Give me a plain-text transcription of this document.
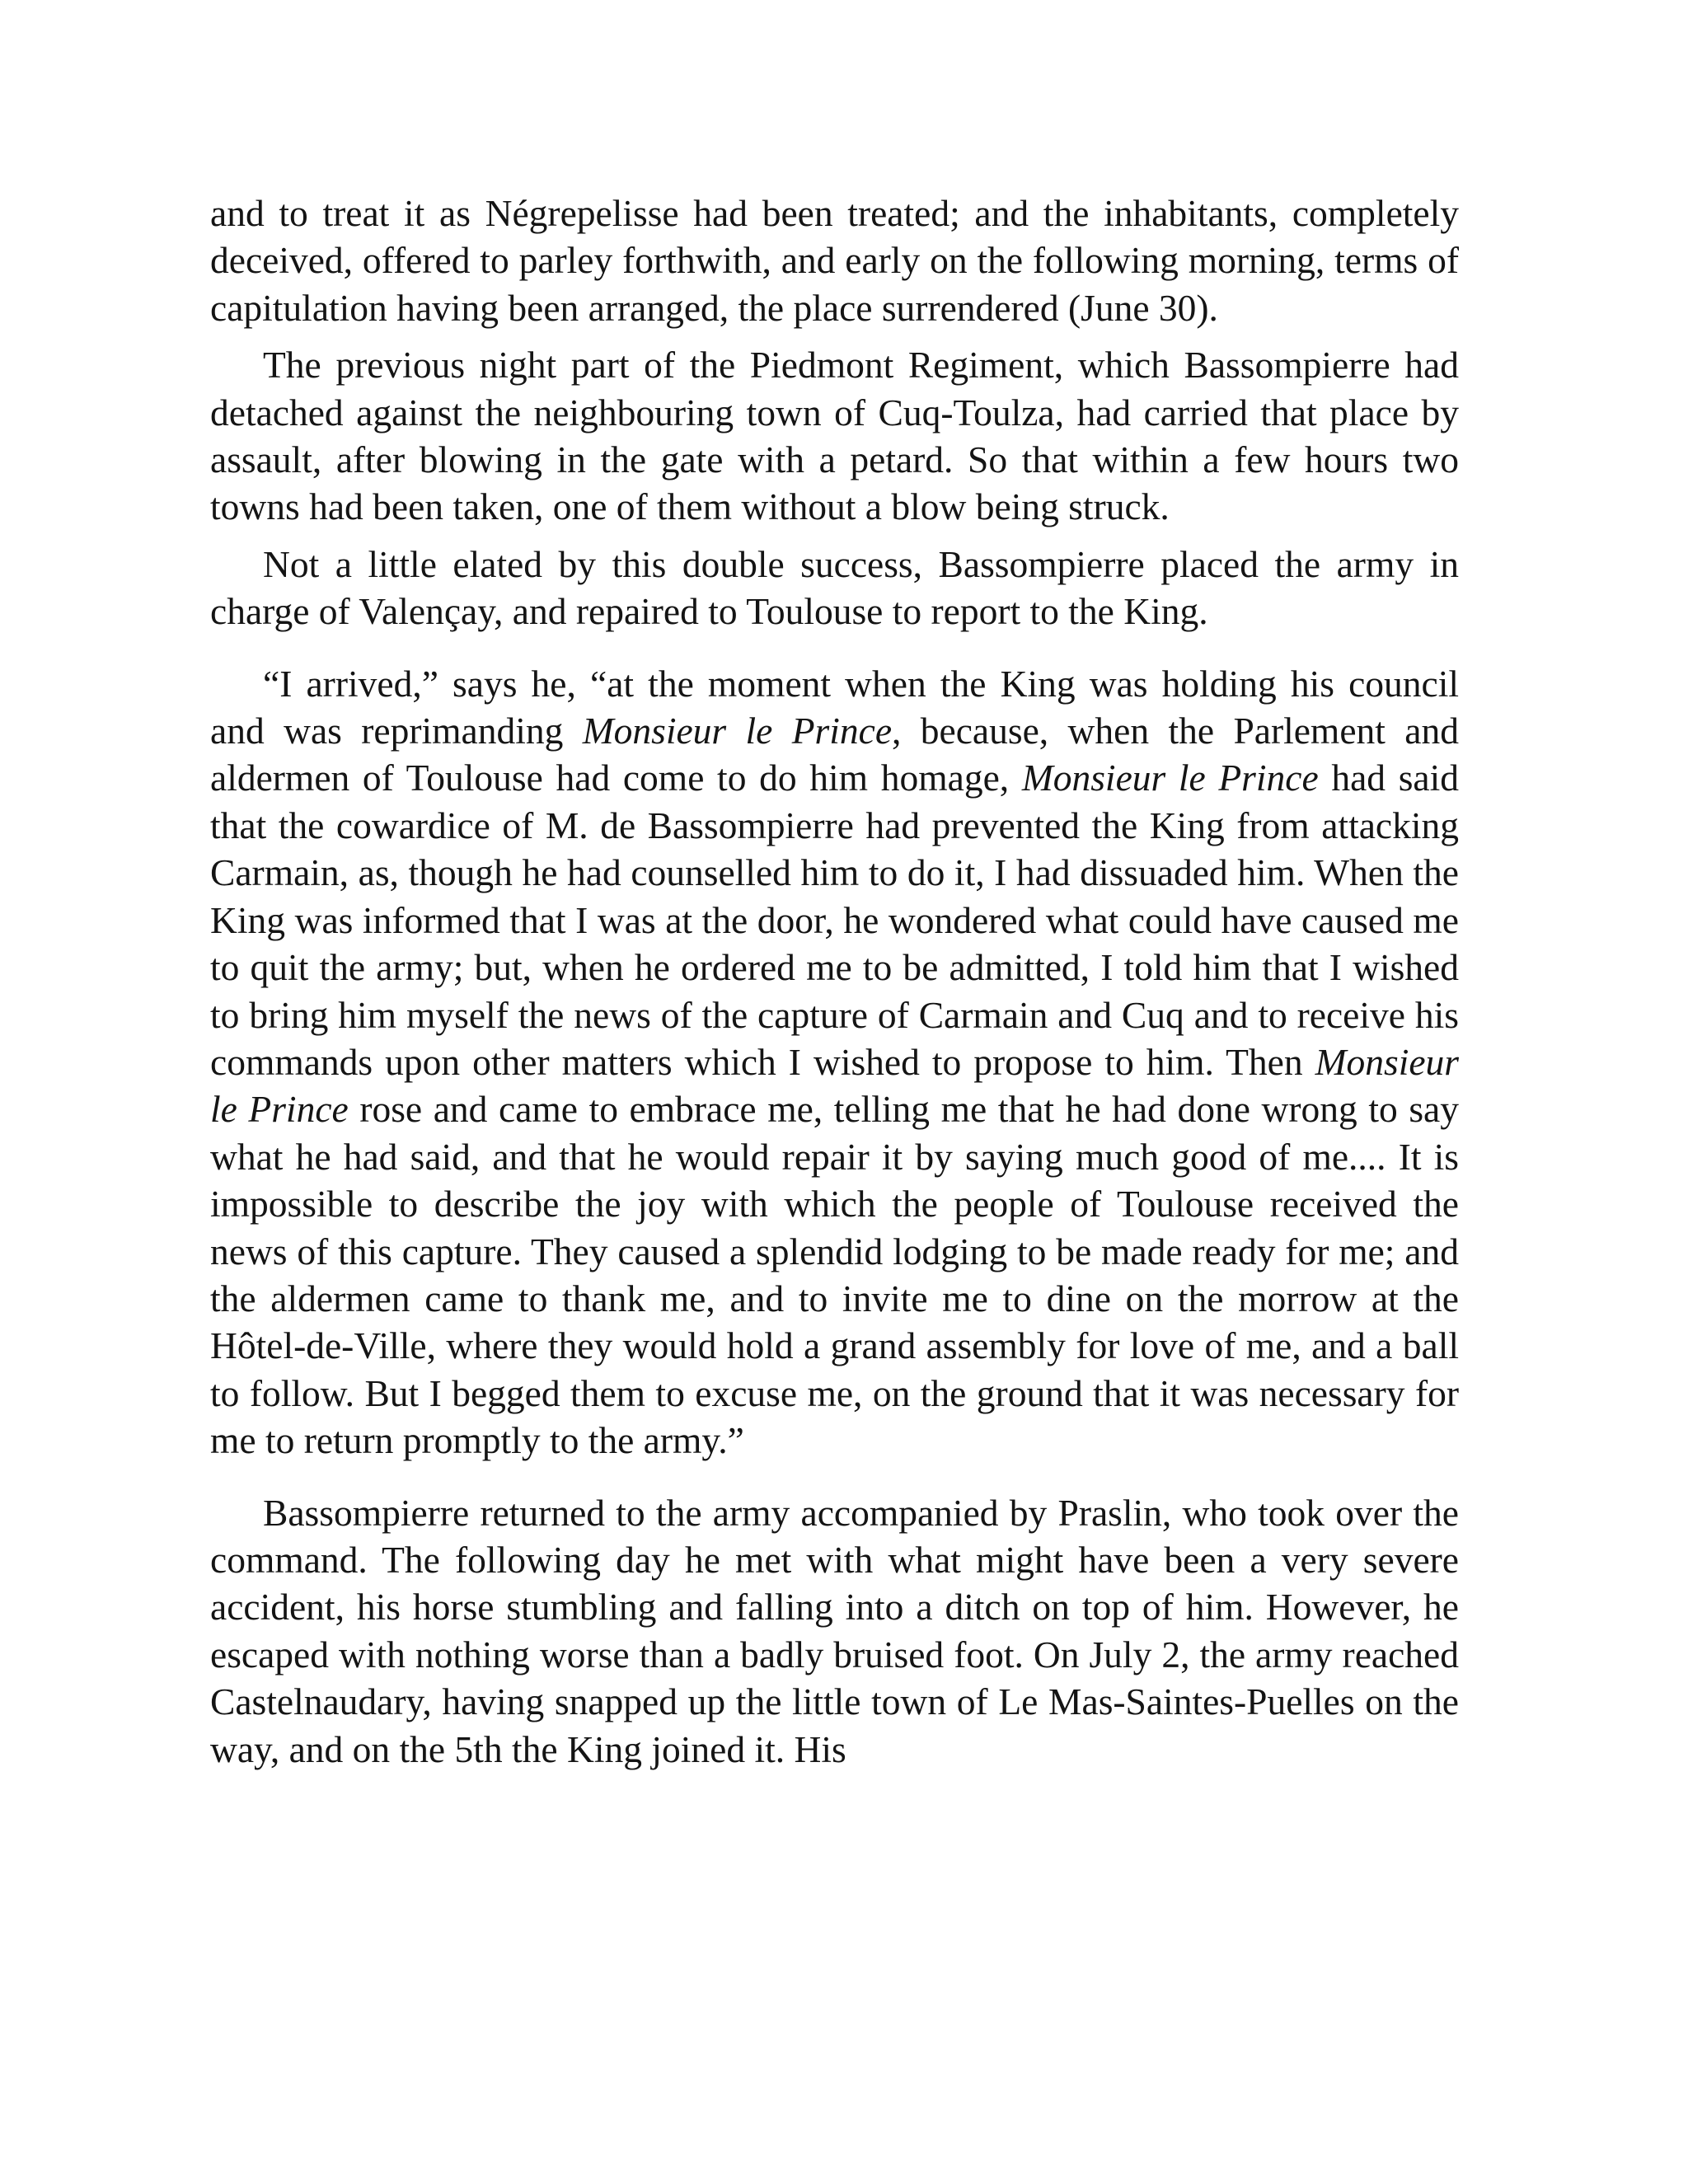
and to treat it as Négrepelisse had been treated; and the inhabitants, completely deceived, offered to parley forthwith, and early on the following morning, terms of capitulation having been arranged, the place surrendered (June 30).

The previous night part of the Piedmont Regiment, which Bassompierre had detached against the neighbouring town of Cuq-Toulza, had carried that place by assault, after blowing in the gate with a petard. So that within a few hours two towns had been taken, one of them without a blow being struck.

Not a little elated by this double success, Bassompierre placed the army in charge of Valençay, and repaired to Toulouse to report to the King.

“I arrived,” says he, “at the moment when the King was holding his council and was reprimanding Monsieur le Prince, because, when the Parlement and aldermen of Toulouse had come to do him homage, Monsieur le Prince had said that the cowardice of M. de Bassompierre had prevented the King from attacking Carmain, as, though he had counselled him to do it, I had dissuaded him. When the King was informed that I was at the door, he wondered what could have caused me to quit the army; but, when he ordered me to be admitted, I told him that I wished to bring him myself the news of the capture of Carmain and Cuq and to receive his commands upon other matters which I wished to propose to him. Then Monsieur le Prince rose and came to embrace me, telling me that he had done wrong to say what he had said, and that he would repair it by saying much good of me.... It is impossible to describe the joy with which the people of Toulouse received the news of this capture. They caused a splendid lodging to be made ready for me; and the aldermen came to thank me, and to invite me to dine on the morrow at the Hôtel-de-Ville, where they would hold a grand assembly for love of me, and a ball to follow. But I begged them to excuse me, on the ground that it was necessary for me to return promptly to the army.”

Bassompierre returned to the army accompanied by Praslin, who took over the command. The following day he met with what might have been a very severe accident, his horse stumbling and falling into a ditch on top of him. However, he escaped with nothing worse than a badly bruised foot. On July 2, the army reached Castelnaudary, having snapped up the little town of Le Mas-Saintes-Puelles on the way, and on the 5th the King joined it. His
